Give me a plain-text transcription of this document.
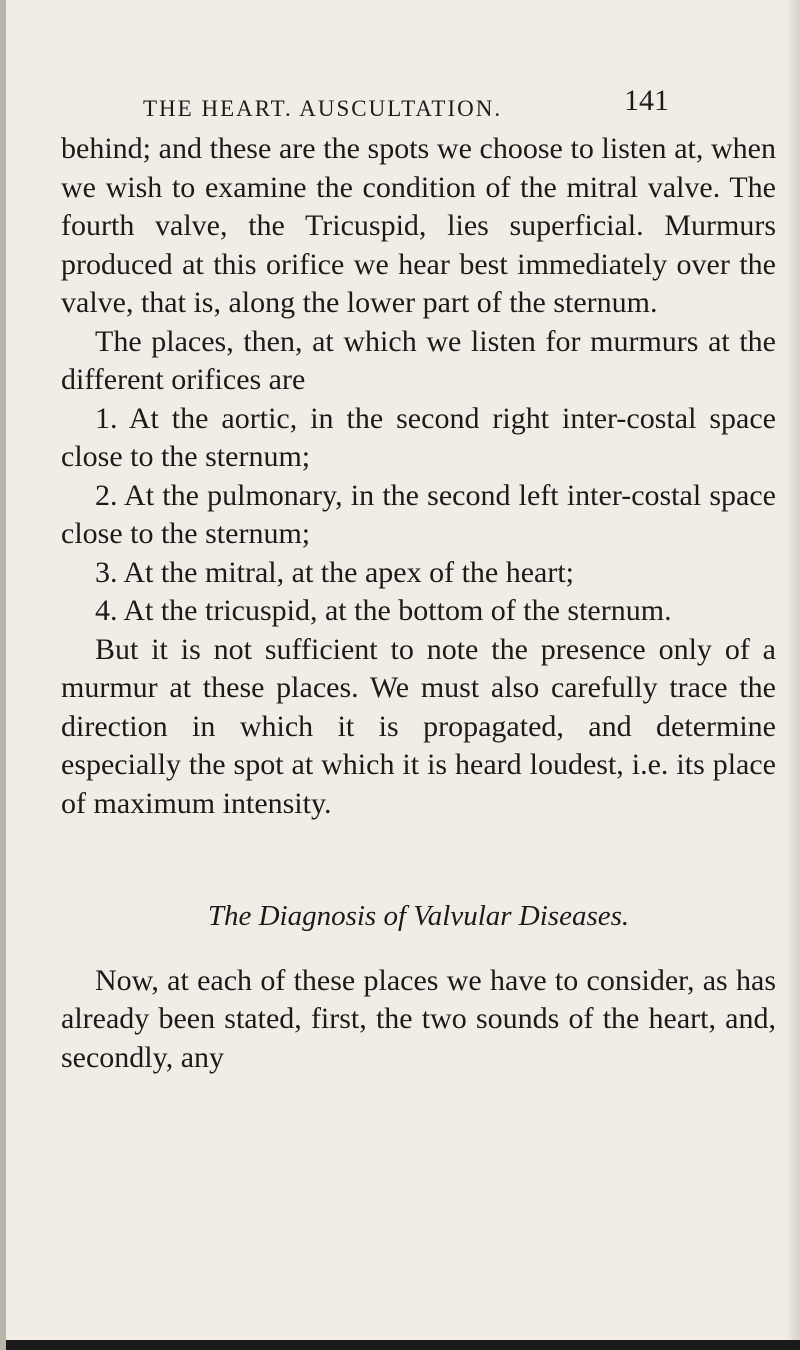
THE HEART. AUSCULTATION.	141

behind; and these are the spots we choose to listen at, when we wish to examine the condition of the mitral valve. The fourth valve, the Tricuspid, lies superficial. Murmurs produced at this orifice we hear best immediately over the valve, that is, along the lower part of the sternum.

The places, then, at which we listen for murmurs at the different orifices are

1. At the aortic, in the second right inter-costal space close to the sternum;

2. At the pulmonary, in the second left inter-costal space close to the sternum;

3. At the mitral, at the apex of the heart;

4. At the tricuspid, at the bottom of the sternum.

But it is not sufficient to note the presence only of a murmur at these places. We must also carefully trace the direction in which it is propagated, and determine especially the spot at which it is heard loudest, i.e. its place of maximum intensity.

The Diagnosis of Valvular Diseases.

Now, at each of these places we have to consider, as has already been stated, first, the two sounds of the heart, and, secondly, any
